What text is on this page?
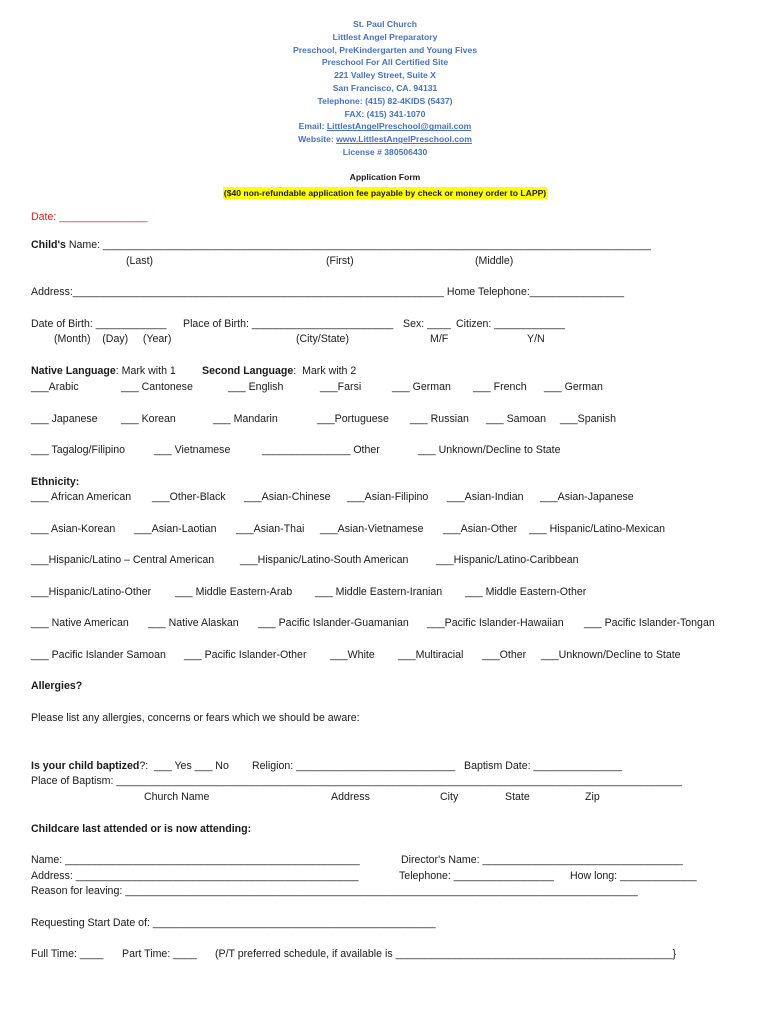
St. Paul Church
Littlest Angel Preparatory
Preschool, PreKindergarten and Young Fives
Preschool For All Certified Site
221 Valley Street, Suite X
San Francisco, CA. 94131
Telephone: (415) 82-4KIDS (5437)
FAX: (415) 341-1070
Email: LittlestAngelPreschool@gmail.com
Website: www.LittlestAngelPreschool.com
License # 380506430
Application Form
($40 non-refundable application fee payable by check or money order to LAPP)
Date: _______________
Child's Name: _____________________________________________________________________________________________
(Last)	(First)	(Middle)
Address:_______________________________________________________________ Home Telephone:________________
Date of Birth: ____________ Place of Birth: ________________________ Sex: ____ Citizen: ____________
(Month)    (Day)     (Year)	(City/State)	M/F	Y/N
Native Language: Mark with 1 Second Language:  Mark with 2
___Arabic	___ Cantonese	___ English	___Farsi	___ German ___ French ___ German
___ Japanese ___ Korean	___ Mandarin	___Portuguese ___ Russian ___ Samoan ___Spanish
___ Tagalog/Filipino	___ Vietnamese	_______________ Other	___ Unknown/Decline to State
Ethnicity:
___ African American ___Other-Black ___Asian-Chinese ___Asian-Filipino ___Asian-Indian ___Asian-Japanese
___ Asian-Korean ___Asian-Laotian ___Asian-Thai ___Asian-Vietnamese ___Asian-Other ___ Hispanic/Latino-Mexican
___Hispanic/Latino – Central American ___Hispanic/Latino-South American	___Hispanic/Latino-Caribbean
___Hispanic/Latino-Other ___ Middle Eastern-Arab ___ Middle Eastern-Iranian ___ Middle Eastern-Other
___ Native American ___ Native Alaskan ___ Pacific Islander-Guamanian ___Pacific Islander-Hawaiian ___ Pacific Islander-Tongan
___ Pacific Islander Samoan ___ Pacific Islander-Other ___White ___Multiracial ___Other ___Unknown/Decline to State
Allergies?
Please list any allergies, concerns or fears which we should be aware:
Is your child baptized?:  ___ Yes ___ No Religion: ___________________________ Baptism Date: _______________
Place of Baptism: ________________________________________________________________________________________________
Church Name	Address	City	State	Zip
Childcare last attended or is now attending:
Name: __________________________________________________	Director's Name: __________________________________
Address: ________________________________________________	Telephone: _________________ How long: _____________
Reason for leaving: _______________________________________________________________________________________
Requesting Start Date of: ________________________________________________
Full Time: ____ Part Time: ____ (P/T preferred schedule, if available is _______________________________________________}
